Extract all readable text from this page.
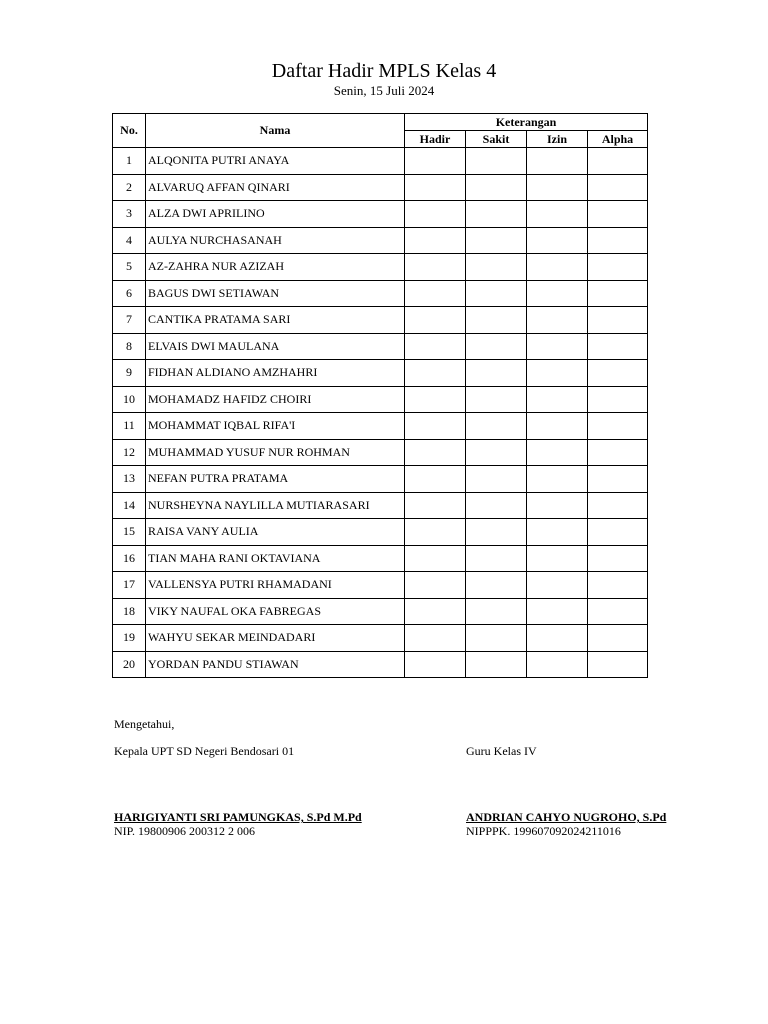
Daftar Hadir MPLS Kelas 4
Senin, 15 Juli 2024
No.	Nama	Keterangan			
		Hadir	Sakit	Izin	Alpha
1	ALQONITA PUTRI ANAYA				
2	ALVARUQ AFFAN QINARI				
3	ALZA DWI APRILINO				
4	AULYA NURCHASANAH				
5	AZ-ZAHRA NUR AZIZAH				
6	BAGUS DWI SETIAWAN				
7	CANTIKA PRATAMA SARI				
8	ELVAIS DWI MAULANA				
9	FIDHAN ALDIANO AMZHAHRI				
10	MOHAMADZ HAFIDZ CHOIRI				
11	MOHAMMAT IQBAL RIFA'I				
12	MUHAMMAD YUSUF NUR ROHMAN				
13	NEFAN PUTRA PRATAMA				
14	NURSHEYNA NAYLILLA MUTIARASARI				
15	RAISA VANY AULIA				
16	TIAN MAHA RANI OKTAVIANA				
17	VALLENSYA PUTRI RHAMADANI				
18	VIKY NAUFAL OKA FABREGAS				
19	WAHYU SEKAR MEINDADARI				
20	YORDAN PANDU STIAWAN				
Mengetahui,
Kepala UPT SD Negeri Bendosari 01
HARIGIYANTI SRI PAMUNGKAS, S.Pd M.Pd
NIP. 19800906 200312 2 006
Guru Kelas IV
ANDRIAN CAHYO NUGROHO, S.Pd
NIPPPK. 199607092024211016
